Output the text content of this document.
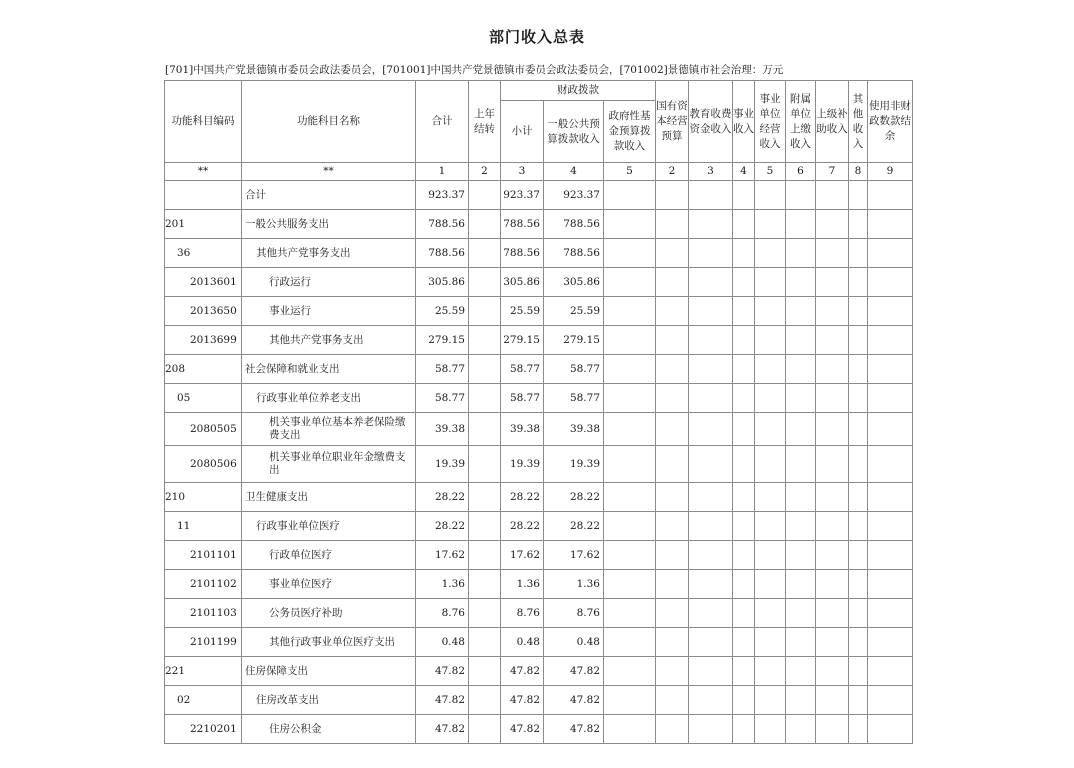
部门收入总表
[701]中国共产党景德镇市委员会政法委员会，[701001]中国共产党景德镇市委员会政法委员会，[701002]景德镇市社会治理：万元
功能科目编码	功能科目名称	合计	上年结转	财政拨款			国有资本经营预算	教育收费资金收入	事业收入	事业单位经营收入	附属单位上缴收入	上级补助收入	其他收入	使用非财政数款结余
				小计	一般公共预算拨款收入	政府性基金预算拨款收入								
**	**	1	2	3	4	5	2	3	4	5	6	7	8	9
	合计	923.37		923.37	923.37									
201	一般公共服务支出	788.56		788.56	788.56									
36	其他共产党事务支出	788.56		788.56	788.56									
2013601	行政运行	305.86		305.86	305.86									
2013650	事业运行	25.59		25.59	25.59									
2013699	其他共产党事务支出	279.15		279.15	279.15									
208	社会保障和就业支出	58.77		58.77	58.77									
05	行政事业单位养老支出	58.77		58.77	58.77									
2080505	机关事业单位基本养老保险缴费支出	39.38		39.38	39.38									
2080506	机关事业单位职业年金缴费支出	19.39		19.39	19.39									
210	卫生健康支出	28.22		28.22	28.22									
11	行政事业单位医疗	28.22		28.22	28.22									
2101101	行政单位医疗	17.62		17.62	17.62									
2101102	事业单位医疗	1.36		1.36	1.36									
2101103	公务员医疗补助	8.76		8.76	8.76									
2101199	其他行政事业单位医疗支出	0.48		0.48	0.48									
221	住房保障支出	47.82		47.82	47.82									
02	住房改革支出	47.82		47.82	47.82									
2210201	住房公积金	47.82		47.82	47.82									
